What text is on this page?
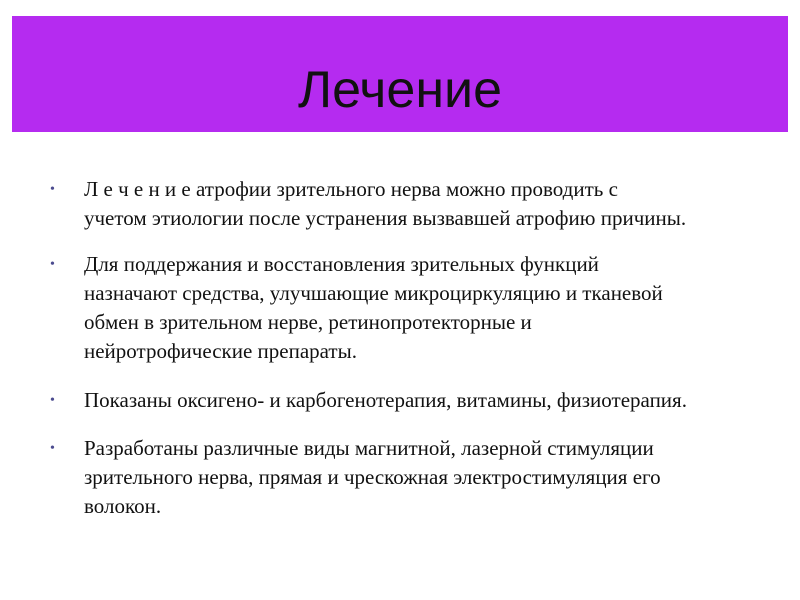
Лечение
• Л е ч е н и е атрофии зрительного нерва можно проводить с
учетом этиологии после устранения вызвавшей атрофию причины.
• Для поддержания и восстановления зрительных функций
назначают средства, улучшающие микроциркуляцию и тканевой
обмен в зрительном нерве, ретинопротекторные и
нейротрофические препараты.
• Показаны оксигено- и карбогенотерапия, витамины, физиотерапия.
• Разработаны различные виды магнитной, лазерной стимуляции
зрительного нерва, прямая и чрескожная электростимуляция его
волокон.
